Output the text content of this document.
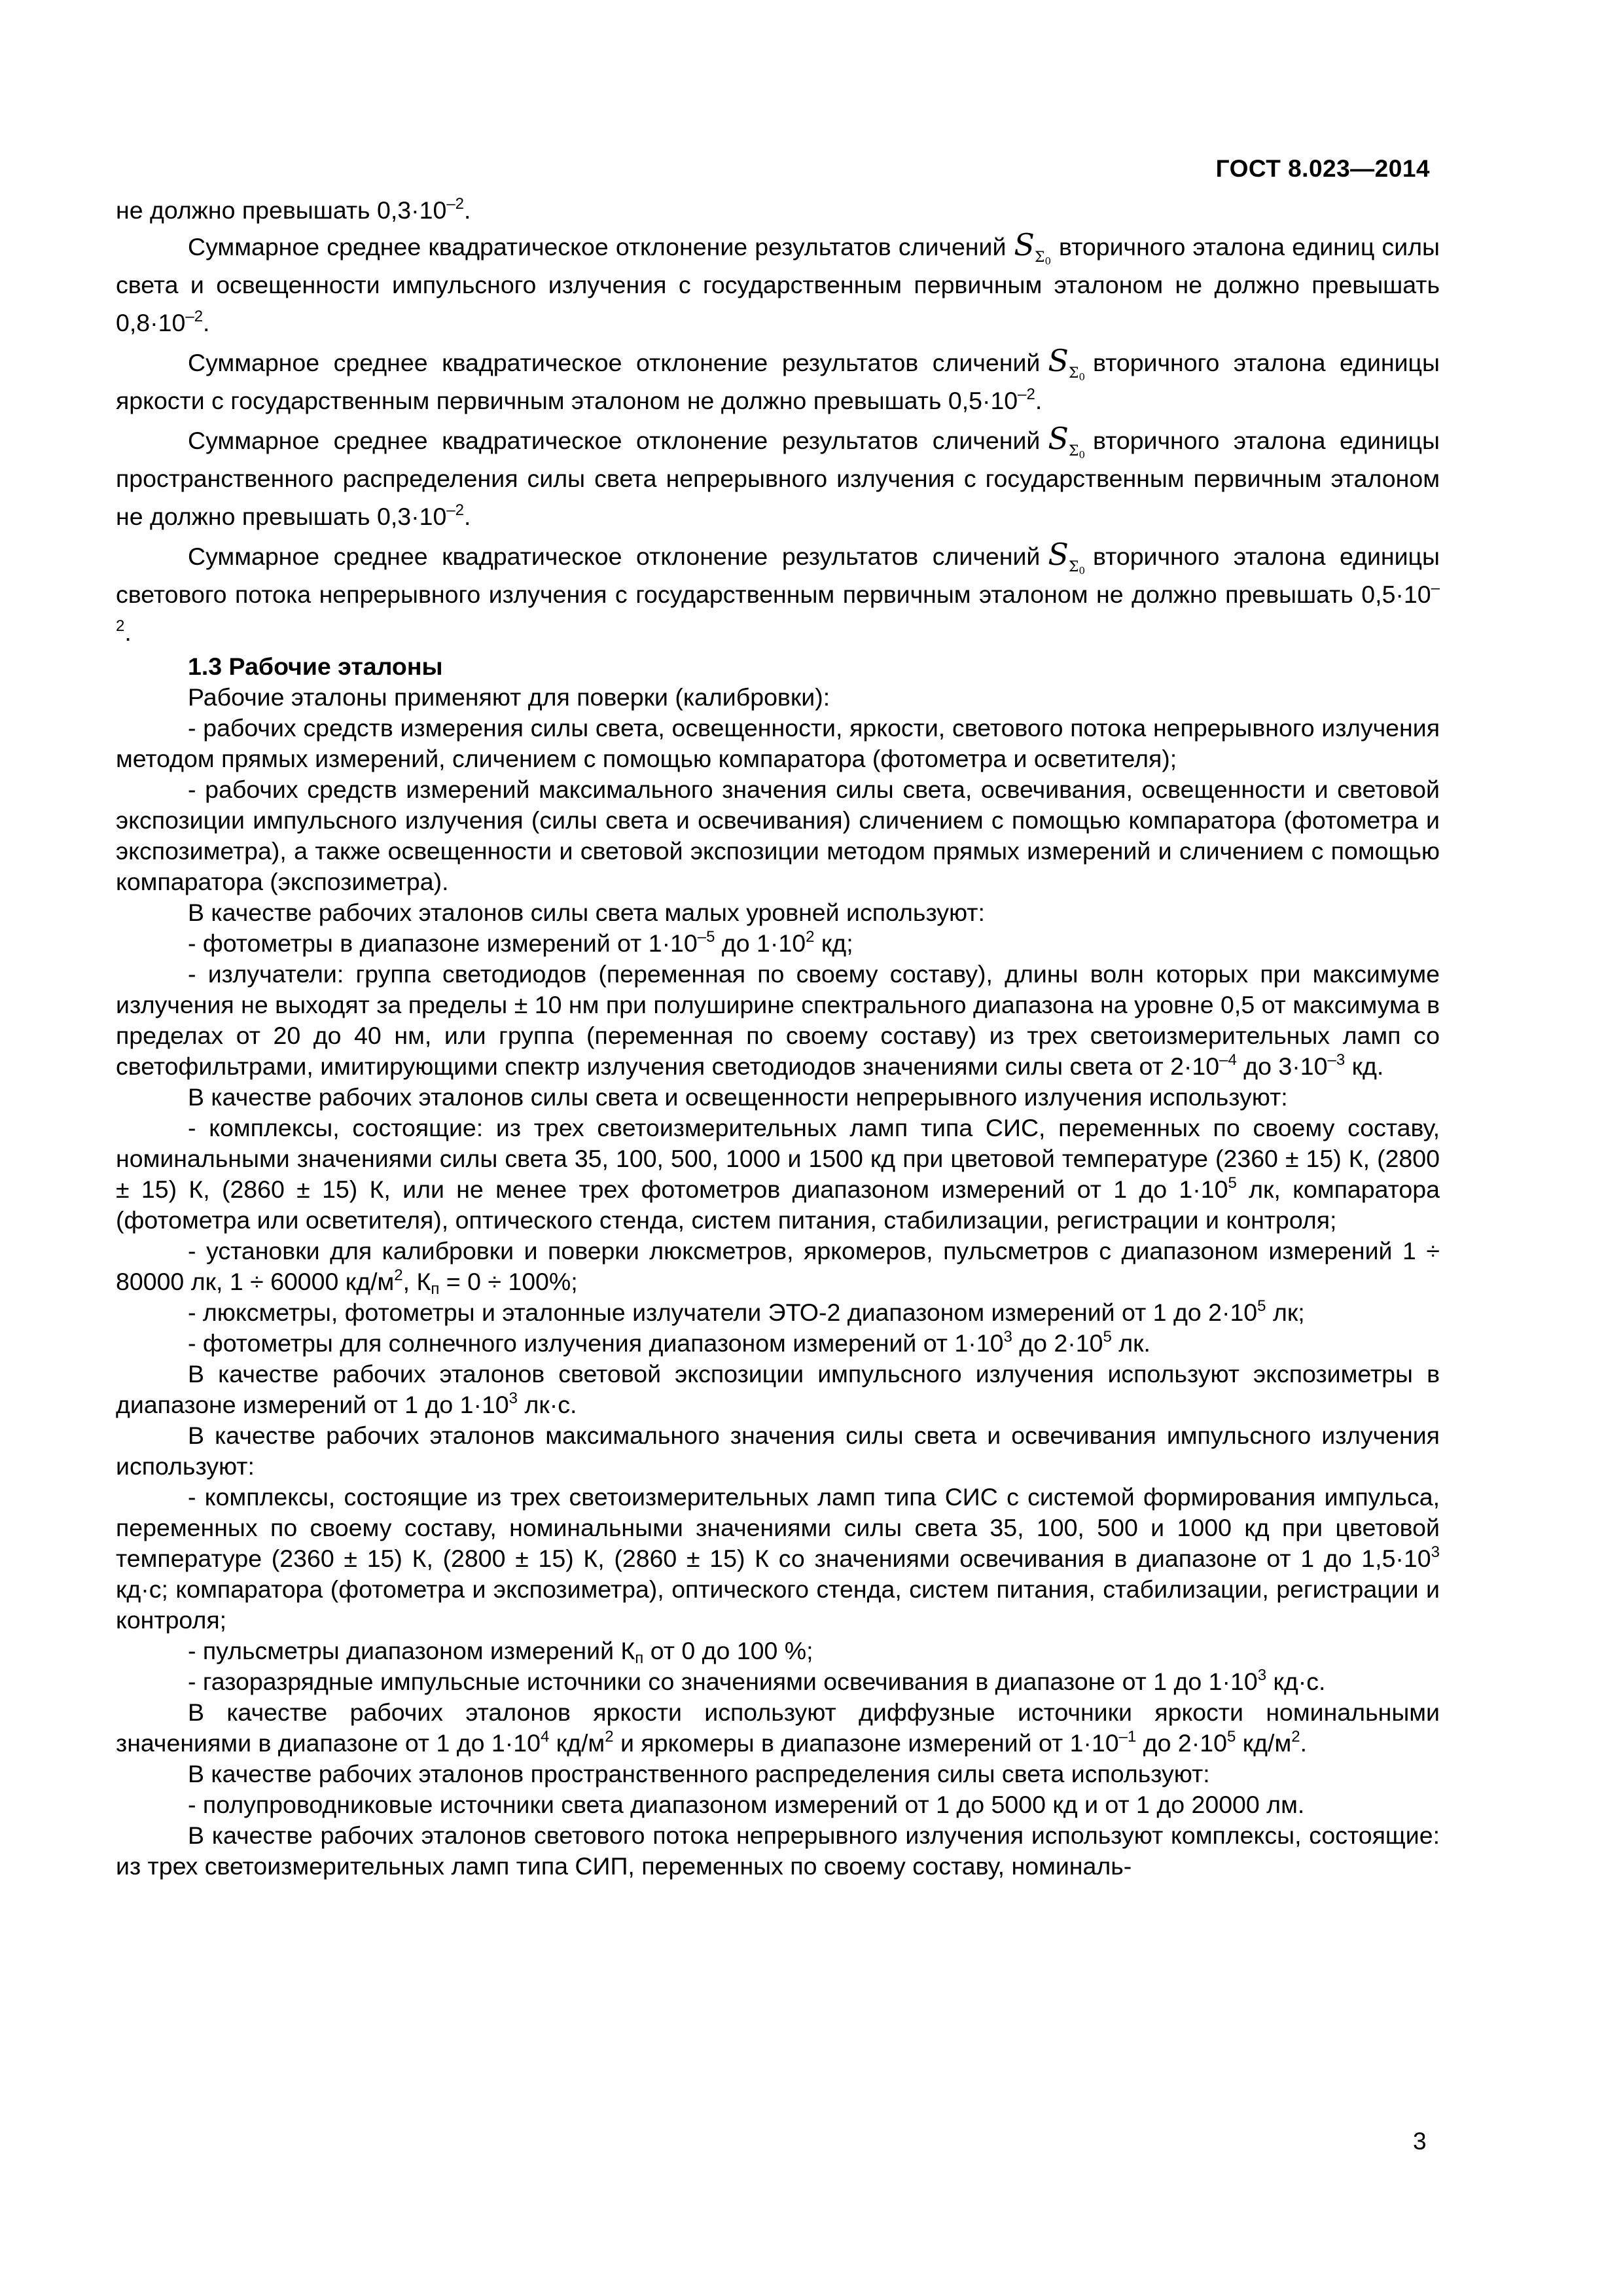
ГОСТ 8.023—2014

не должно превышать $0,3\cdot 10^{-2}$.

Суммарное среднее квадратическое отклонение результатов сличений $S_{\Sigma_0}вторичного$ эталона единиц силы света и освещенности импульсного излучения с государственным первичным эталоном не должно превышать $0,8\cdot 10^{-2}$.

Суммарное среднее квадратическое отклонение результатов сличений $S_{\Sigma_0}вторичного$ эталона единицы яркости с государственным первичным эталоном не должно превышать $0,5\cdot 10^{-2}$.

Суммарное среднее квадратическое отклонение результатов сличений $S_{\Sigma_0}вторичного$ эталона единицы пространственного распределения силы света непрерывного излучения с государственным первичным эталоном не должно превышать $0,3\cdot 10^{-2}$.

Суммарное среднее квадратическое отклонение результатов сличений $S_{\Sigma_0}вторичного$ эталона единицы светового потока непрерывного излучения с государственным первичным эталоном не должно превышать $0,5\cdot 10^{-2}$.

1.3 Рабочие эталоны

Рабочие эталоны применяют для поверки (калибровки):

- рабочих средств измерения силы света, освещенности, яркости, светового потока непрерывного излучения методом прямых измерений, сличением с помощью компаратора (фотометра и осветителя);

- рабочих средств измерений максимального значения силы света, освечивания, освещенности и световой экспозиции импульсного излучения (силы света и освечивания) сличением с помощью компаратора (фотометра и экспозиметра), а также освещенности и световой экспозиции методом прямых измерений и сличением с помощью компаратора (экспозиметра).

В качестве рабочих эталонов силы света малых уровней используют:

- фотометры в диапазоне измерений от $1\cdot 10^{-5}$ до $1\cdot 10^2$ кд;

- излучатели: группа светодиодов (переменная по своему составу), длины волн которых при максимуме излучения не выходят за пределы ± 10 нм при полуширине спектрального диапазона на уровне 0,5 от максимума в пределах от 20 до 40 нм, или группа (переменная по своему составу) из трех светоизмерительных ламп со светофильтрами, имитирующими спектр излучения светодиодов значениями силы света от $2\cdot 10^{-4}$ до $3\cdot 10^{-3}$ кд.

В качестве рабочих эталонов силы света и освещенности непрерывного излучения используют:

- комплексы, состоящие: из трех светоизмерительных ламп типа СИС, переменных по своему составу, номинальными значениями силы света 35, 100, 500, 1000 и 1500 кд при цветовой температуре (2360 ± 15) К, (2800 ± 15) К, (2860 ± 15) К, или не менее трех фотометров диапазоном измерений от 1 до $1\cdot 10^5$ лк, компаратора (фотометра или осветителя), оптического стенда, систем питания, стабилизации, регистрации и контроля;

- установки для калибровки и поверки люксметров, яркомеров, пульсметров с диапазоном измерений 1 ÷ 80000 лк, 1 ÷ 60000 $кд/м^2$, $К_п = 0 \div 100\%$;

- люксметры, фотометры и эталонные излучатели ЭТО-2 диапазоном измерений от 1 до $2\cdot 10^5$ лк;

- фотометры для солнечного излучения диапазоном измерений от $1\cdot 10^3$ до $2\cdot 10^5$ лк.

В качестве рабочих эталонов световой экспозиции импульсного излучения используют экспозиметры в диапазоне измерений от 1 до $1\cdot 10^3$ лк·с.

В качестве рабочих эталонов максимального значения силы света и освечивания импульсного излучения используют:

- комплексы, состоящие из трех светоизмерительных ламп типа СИС с системой формирования импульса, переменных по своему составу, номинальными значениями силы света 35, 100, 500 и 1000 кд при цветовой температуре (2360 ± 15) К, (2800 ± 15) К, (2860 ± 15) К со значениями освечивания в диапазоне от 1 до $1,5\cdot 10^3$ кд·с; компаратора (фотометра и экспозиметра), оптического стенда, систем питания, стабилизации, регистрации и контроля;

- пульсметры диапазоном измерений $К_п$ от 0 до 100 %;

- газоразрядные импульсные источники со значениями освечивания в диапазоне от 1 до $1\cdot 10^3$ кд·с.

В качестве рабочих эталонов яркости используют диффузные источники яркости номинальными значениями в диапазоне от 1 до $1\cdot 10^4$ $кд/м^2$ и яркомеры в диапазоне измерений от $1\cdot 10^{-1}$ до $2\cdot 10^5$ $кд/м^2$.

В качестве рабочих эталонов пространственного распределения силы света используют:

- полупроводниковые источники света диапазоном измерений от 1 до 5000 кд и от 1 до 20000 лм.

В качестве рабочих эталонов светового потока непрерывного излучения используют комплексы, состоящие: из трех светоизмерительных ламп типа СИП, переменных по своему составу, номиналь-

3
